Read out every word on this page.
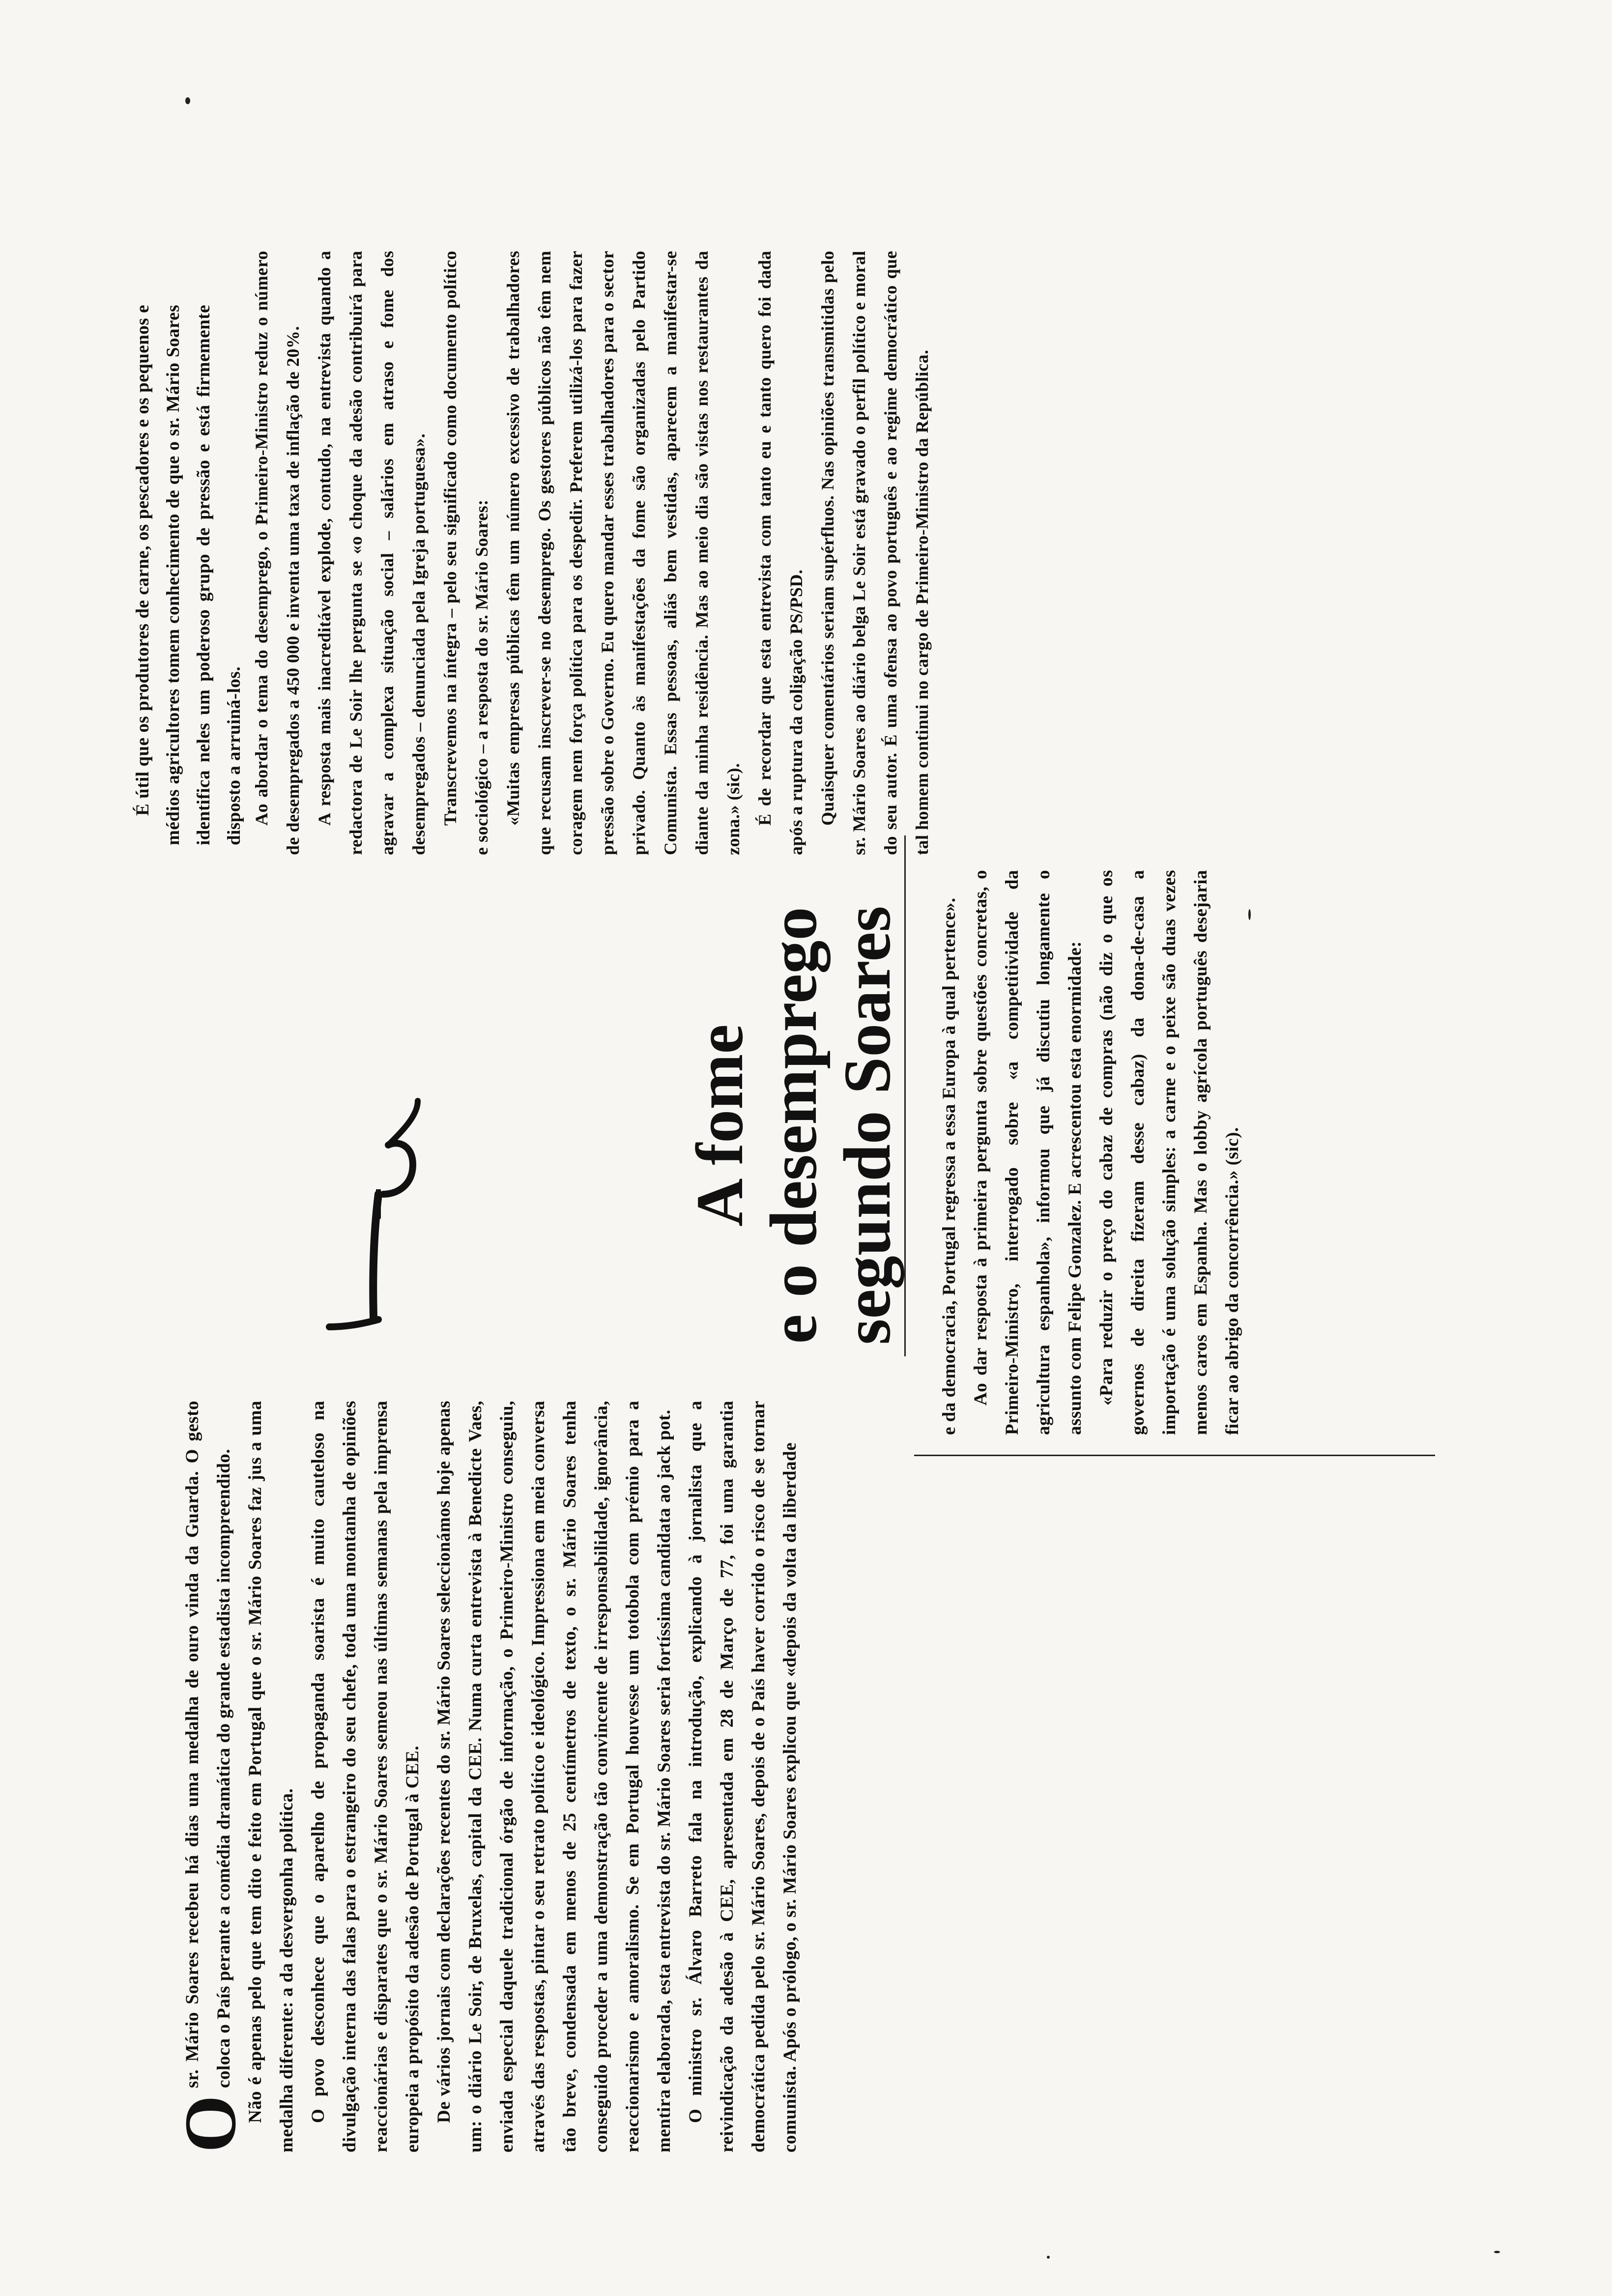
O
sr. Mário Soares recebeu há dias uma medalha de ouro vinda da Guarda. O gesto coloca o País perante a comédia dramática do grande estadista incompreendido. Não é apenas pelo que tem dito e feito em Portugal que o sr. Mário Soares faz jus a uma medalha diferente: a da desvergonha política. O povo desconhece que o aparelho de propaganda soarista é muito cauteloso na divulgação interna das falas para o estrangeiro do seu chefe, toda uma montanha de opiniões reaccionárias e disparates que o sr. Mário Soares semeou nas últimas semanas pela imprensa europeia a propósito da adesão de Portugal à CEE. De vários jornais com declarações recentes do sr. Mário Soares seleccionámos hoje apenas um: o diário Le Soir, de Bruxelas, capital da CEE. Numa curta entrevista à Benedicte Vaes, enviada especial daquele tradicional órgão de informação, o Primeiro-Ministro conseguiu, através das respostas, pintar o seu retrato político e ideológico. Impressiona em meia conversa tão breve, condensada em menos de 25 centímetros de texto, o sr. Mário Soares tenha conseguido proceder a uma demonstração tão convincente de irresponsabilidade, ignorância, reaccionarismo e amoralismo. Se em Portugal houvesse um totobola com prémio para a mentira elaborada, esta entrevista do sr. Mário Soares seria fortíssima candidata ao jack pot. O ministro sr. Álvaro Barreto fala na introdução, explicando à jornalista que a reivindicação da adesão à CEE, apresentada em 28 de Março de 77, foi uma garantia democrática pedida pelo sr. Mário Soares, depois de o País haver corrido o risco de se tornar comunista. Após o prólogo, o sr. Mário Soares explicou que «depois da volta da liberdade

A fome e o desemprego segundo Soares e da democracia, Portugal regressa a essa Europa à qual pertence». Ao dar resposta à primeira pergunta sobre questões concretas, o Primeiro-Ministro, interrogado sobre «a competitividade da agricultura espanhola», informou que já discutiu longamente o assunto com Felipe Gonzalez. E acrescentou esta enormidade: «Para reduzir o preço do cabaz de compras (não diz o que os governos de direita fizeram desse cabaz) da dona-de-casa a importação é uma solução simples: a carne e o peixe são duas vezes menos caros em Espanha. Mas o lobby agrícola português desejaria ficar ao abrigo da concorrência.» (sic).

É útil que os produtores de carne, os pescadores e os pequenos e médios agricultores tomem conhecimento de que o sr. Mário Soares identifica neles um poderoso grupo de pressão e está firmemente disposto a arruiná-los. Ao abordar o tema do desemprego, o Primeiro-Ministro reduz o número de desempregados a 450 000 e inventa uma taxa de inflação de 20%. A resposta mais inacreditável explode, contudo, na entrevista quando a redactora de Le Soir lhe pergunta se «o choque da adesão contribuirá para agravar a complexa situação social – salários em atraso e fome dos desempregados – denunciada pela Igreja portuguesa». Transcrevemos na íntegra – pelo seu significado como documento político e sociológico – a resposta do sr. Mário Soares: «Muitas empresas públicas têm um número excessivo de trabalhadores que recusam inscrever-se no desemprego. Os gestores públicos não têm nem coragem nem força política para os despedir. Preferem utilizá-los para fazer pressão sobre o Governo. Eu quero mandar esses trabalhadores para o sector privado. Quanto às manifestações da fome são organizadas pelo Partido Comunista. Essas pessoas, aliás bem vestidas, aparecem a manifestar-se diante da minha residência. Mas ao meio dia são vistas nos restaurantes da zona.» (sic). É de recordar que esta entrevista com tanto eu e tanto quero foi dada após a ruptura da coligação PS/PSD. Quaisquer comentários seriam supérfluos. Nas opiniões transmitidas pelo sr. Mário Soares ao diário belga Le Soir está gravado o perfil político e moral do seu autor. É uma ofensa ao povo português e ao regime democrático que tal homem continui no cargo de Primeiro-Ministro da República.
